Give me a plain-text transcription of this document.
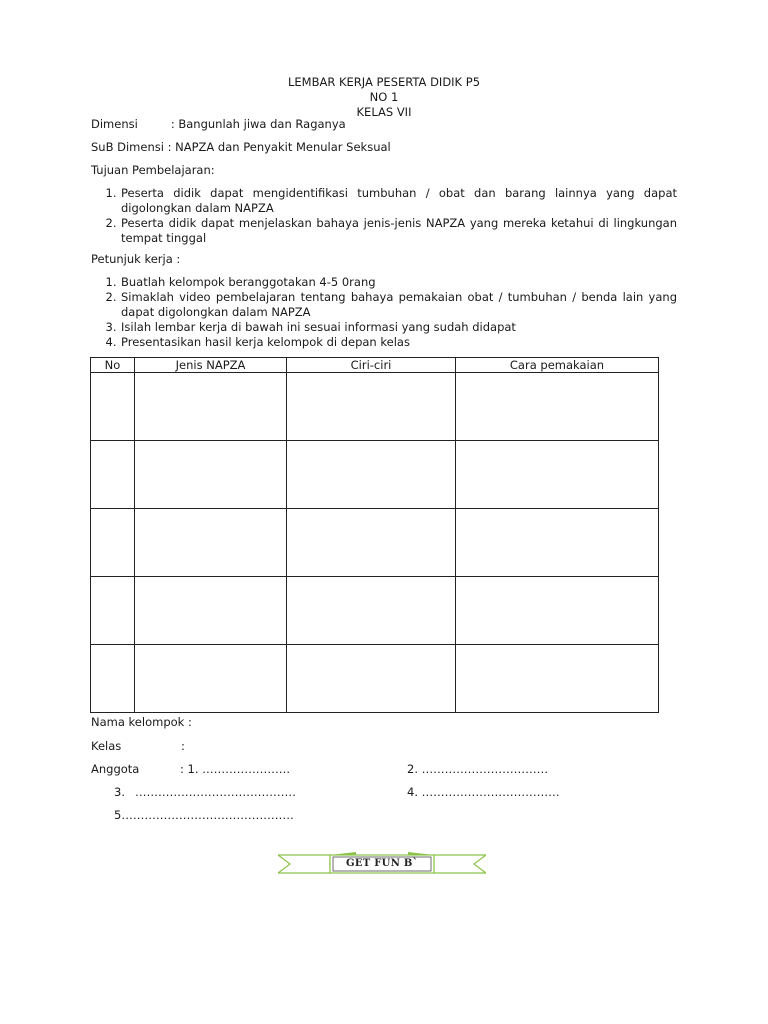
LEMBAR KERJA PESERTA DIDIK P5
NO 1
KELAS VII
Dimensi	: Bangunlah jiwa dan Raganya
SuB Dimensi : NAPZA dan Penyakit Menular Seksual
Tujuan Pembelajaran:
1. Peserta didik dapat mengidentifikasi tumbuhan / obat dan barang lainnya yang dapat digolongkan dalam NAPZA
2. Peserta didik dapat menjelaskan bahaya jenis-jenis NAPZA yang mereka ketahui di lingkungan tempat tinggal
Petunjuk kerja :
1. Buatlah kelompok beranggotakan 4-5 0rang
2. Simaklah video pembelajaran tentang bahaya pemakaian obat / tumbuhan / benda lain yang dapat digolongkan dalam NAPZA
3. Isilah lembar kerja di bawah ini sesuai informasi yang sudah didapat
4. Presentasikan hasil kerja kelompok di depan kelas
No	Jenis NAPZA	Ciri-ciri	Cara pemakaian

Nama kelompok :
Kelas	:
Anggota	: 1. …………………..	2. ……………………………
3. ……………………………………	4. ………………………………
5………………………………………
GET FUN B`
